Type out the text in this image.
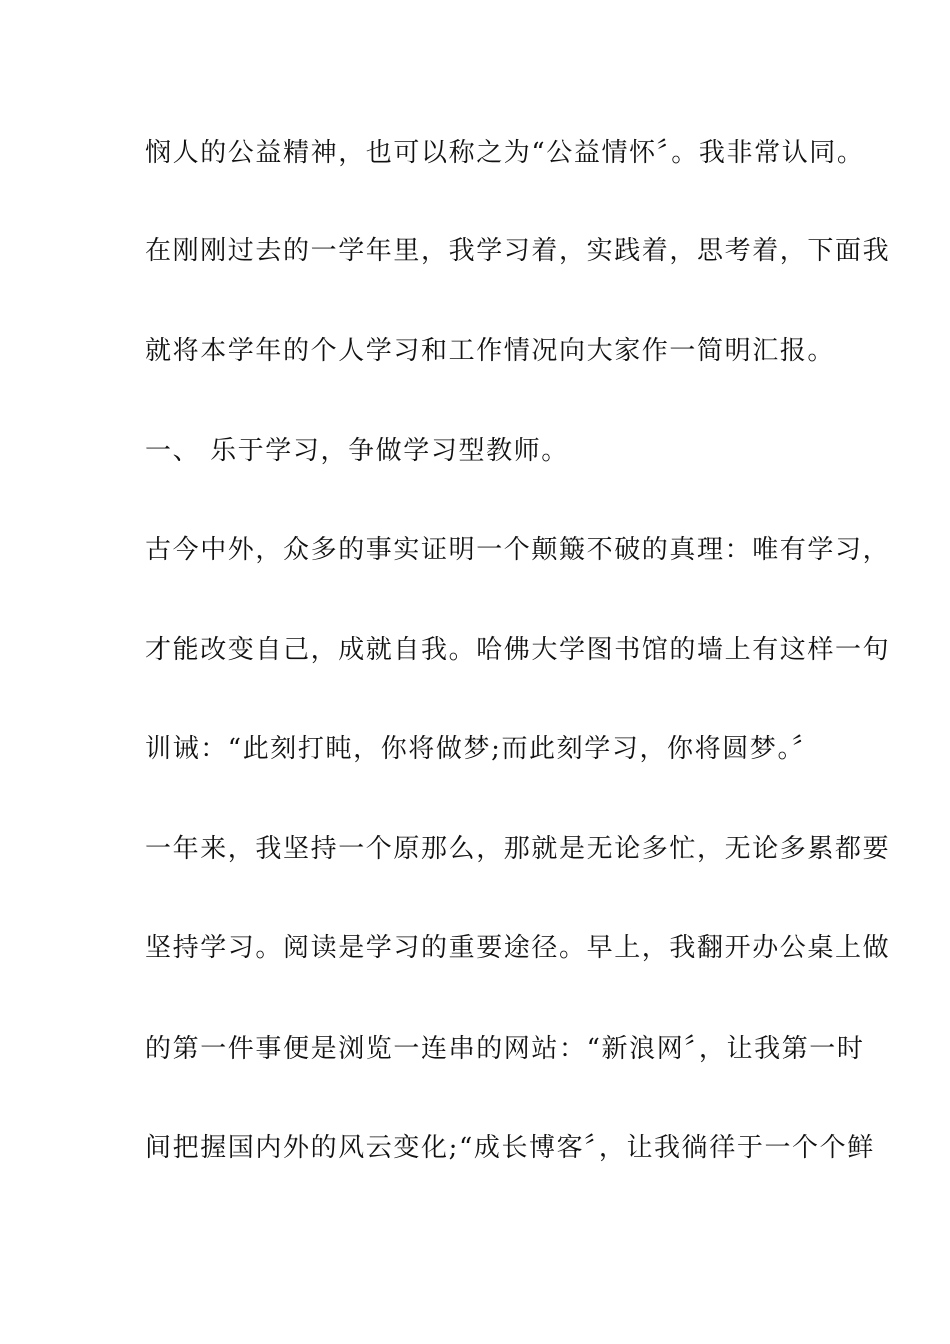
悯人的公益精神，也可以称之为“公益情怀〞。我非常认同。
在刚刚过去的一学年里，我学习着，实践着，思考着，下面我
就将本学年的个人学习和工作情况向大家作一简明汇报。
一、 乐于学习，争做学习型教师。
古今中外，众多的事实证明一个颠簸不破的真理：唯有学习，
才能改变自己，成就自我。哈佛大学图书馆的墙上有这样一句
训诫：“此刻打盹，你将做梦;而此刻学习，你将圆梦。〞
一年来，我坚持一个原那么，那就是无论多忙，无论多累都要
坚持学习。阅读是学习的重要途径。早上，我翻开办公桌上做
的第一件事便是浏览一连串的网站：“新浪网〞，让我第一时
间把握国内外的风云变化;“成长博客〞，让我徜徉于一个个鲜
